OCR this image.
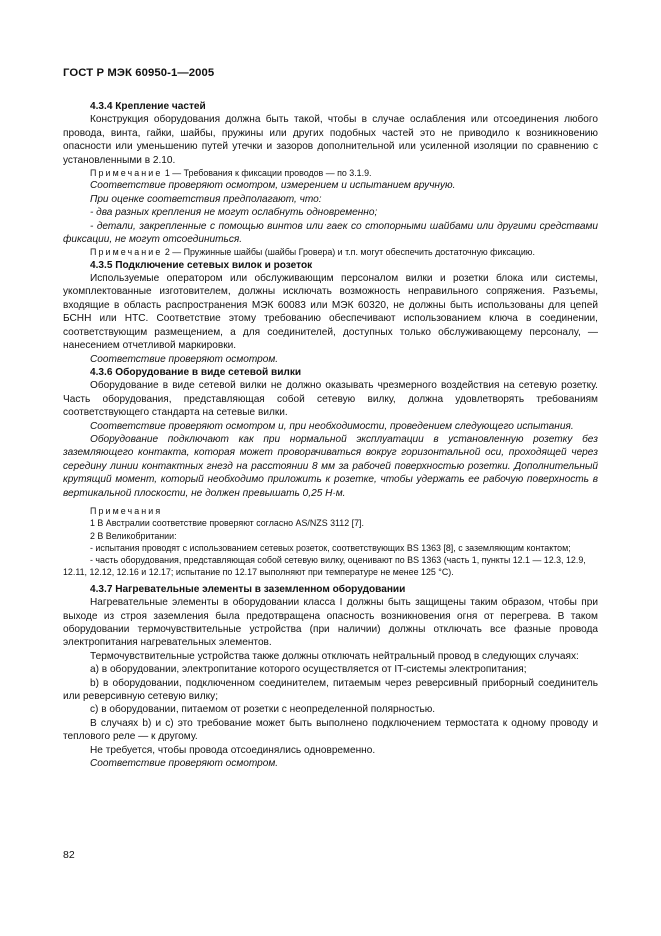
ГОСТ Р МЭК 60950-1—2005

4.3.4 Крепление частей

Конструкция оборудования должна быть такой, чтобы в случае ослабления или отсоединения любого провода, винта, гайки, шайбы, пружины или других подобных частей это не приводило к возникновению опасности или уменьшению путей утечки и зазоров дополнительной или усиленной изоляции по сравнению с установленными в 2.10.

Примечание 1 — Требования к фиксации проводов — по 3.1.9.

Соответствие проверяют осмотром, измерением и испытанием вручную.

При оценке соответствия предполагают, что:

- два разных крепления не могут ослабнуть одновременно;

- детали, закрепленные с помощью винтов или гаек со стопорными шайбами или другими средствами фиксации, не могут отсоединиться.

Примечание 2 — Пружинные шайбы (шайбы Гровера) и т.п. могут обеспечить достаточную фиксацию.

4.3.5 Подключение сетевых вилок и розеток

Используемые оператором или обслуживающим персоналом вилки и розетки блока или системы, укомплектованные изготовителем, должны исключать возможность неправильного сопряжения. Разъемы, входящие в область распространения МЭК 60083 или МЭК 60320, не должны быть использованы для цепей БСНН или НТС. Соответствие этому требованию обеспечивают использованием ключа в соединении, соответствующим размещением, а для соединителей, доступных только обслуживающему персоналу, — нанесением отчетливой маркировки.

Соответствие проверяют осмотром.

4.3.6 Оборудование в виде сетевой вилки

Оборудование в виде сетевой вилки не должно оказывать чрезмерного воздействия на сетевую розетку. Часть оборудования, представляющая собой сетевую вилку, должна удовлетворять требованиям соответствующего стандарта на сетевые вилки.

Соответствие проверяют осмотром и, при необходимости, проведением следующего испытания.

Оборудование подключают как при нормальной эксплуатации в установленную розетку без заземляющего контакта, которая может проворачиваться вокруг горизонтальной оси, проходящей через середину линии контактных гнезд на расстоянии 8 мм за рабочей поверхностью розетки. Дополнительный крутящий момент, который необходимо приложить к розетке, чтобы удержать ее рабочую поверхность в вертикальной плоскости, не должен превышать 0,25 Н·м.

Примечания

1 В Австралии соответствие проверяют согласно AS/NZS 3112 [7].

2 В Великобритании:

- испытания проводят с использованием сетевых розеток, соответствующих BS 1363 [8], с заземляющим контактом;

- часть оборудования, представляющая собой сетевую вилку, оценивают по BS 1363 (часть 1, пункты 12.1 — 12.3, 12.9, 12.11, 12.12, 12.16 и 12.17; испытание по 12.17 выполняют при температуре не менее 125 °С).

4.3.7 Нагревательные элементы в заземленном оборудовании

Нагревательные элементы в оборудовании класса I должны быть защищены таким образом, чтобы при выходе из строя заземления была предотвращена опасность возникновения огня от перегрева. В таком оборудовании термочувствительные устройства (при наличии) должны отключать все фазные провода электропитания нагревательных элементов.

Термочувствительные устройства также должны отключать нейтральный провод в следующих случаях:

a) в оборудовании, электропитание которого осуществляется от IT-системы электропитания;

b) в оборудовании, подключенном соединителем, питаемым через реверсивный приборный соединитель или реверсивную сетевую вилку;

c) в оборудовании, питаемом от розетки с неопределенной полярностью.

В случаях b) и c) это требование может быть выполнено подключением термостата к одному проводу и теплового реле — к другому.

Не требуется, чтобы провода отсоединялись одновременно.

Соответствие проверяют осмотром.

82
